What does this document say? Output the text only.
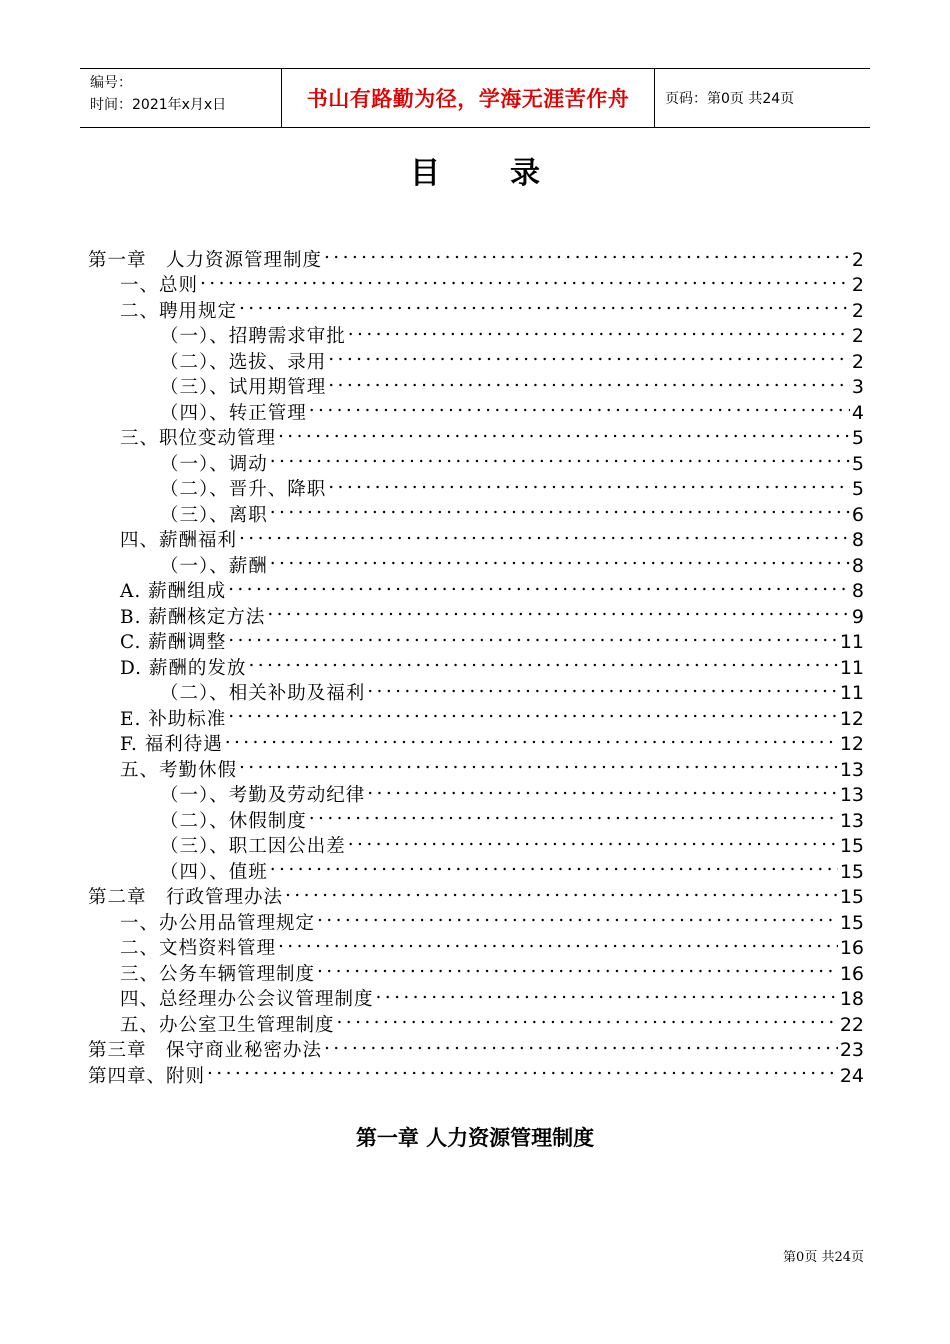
编号：
时间：2021年x月x日	书山有路勤为径，学海无涯苦作舟	页码：第0页 共24页
目 录
第一章　人力资源管理制度 .....	2
一、总则 .....	2
二、聘用规定 .....	2
（一）、招聘需求审批 .....	2
（二）、选拔、录用 .....	2
（三）、试用期管理 .....	3
（四）、转正管理 .....	4
三、职位变动管理 .....	5
（一）、调动 .....	5
（二）、晋升、降职 .....	5
（三）、离职 .....	6
四、薪酬福利 .....	8
（一）、薪酬 .....	8
A. 薪酬组成 .....	8
B. 薪酬核定方法 .....	9
C. 薪酬调整 .....	11
D. 薪酬的发放 .....	11
（二）、相关补助及福利 .....	11
E. 补助标准 .....	12
F. 福利待遇 .....	12
五、考勤休假 .....	13
（一）、考勤及劳动纪律 .....	13
（二）、休假制度 .....	13
（三）、职工因公出差 .....	15
（四）、值班 .....	15
第二章　行政管理办法 .....	15
一、办公用品管理规定 .....	15
二、文档资料管理 .....	16
三、公务车辆管理制度 .....	16
四、总经理办公会议管理制度 .....	18
五、办公室卫生管理制度 .....	22
第三章　保守商业秘密办法 .....	23
第四章、附则 .....	24
第一章 人力资源管理制度
第0页 共24页
